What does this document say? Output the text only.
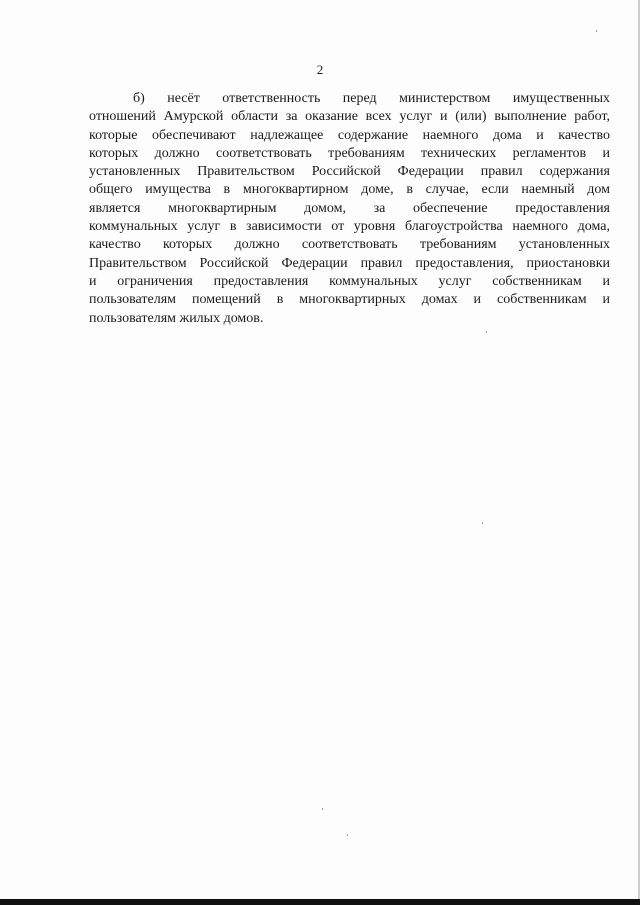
2
б) несёт ответственность перед министерством имущественных
отношений Амурской области за оказание всех услуг и (или) выполнение работ,
которые обеспечивают надлежащее содержание наемного дома и качество
которых должно соответствовать требованиям технических регламентов и
установленных Правительством Российской Федерации правил содержания
общего имущества в многоквартирном доме, в случае, если наемный дом
является многоквартирным домом, за обеспечение предоставления
коммунальных услуг в зависимости от уровня благоустройства наемного дома,
качество которых должно соответствовать требованиям установленных
Правительством Российской Федерации правил предоставления, приостановки
и ограничения предоставления коммунальных услуг собственникам и
пользователям помещений в многоквартирных домах и собственникам и
пользователям жилых домов.
